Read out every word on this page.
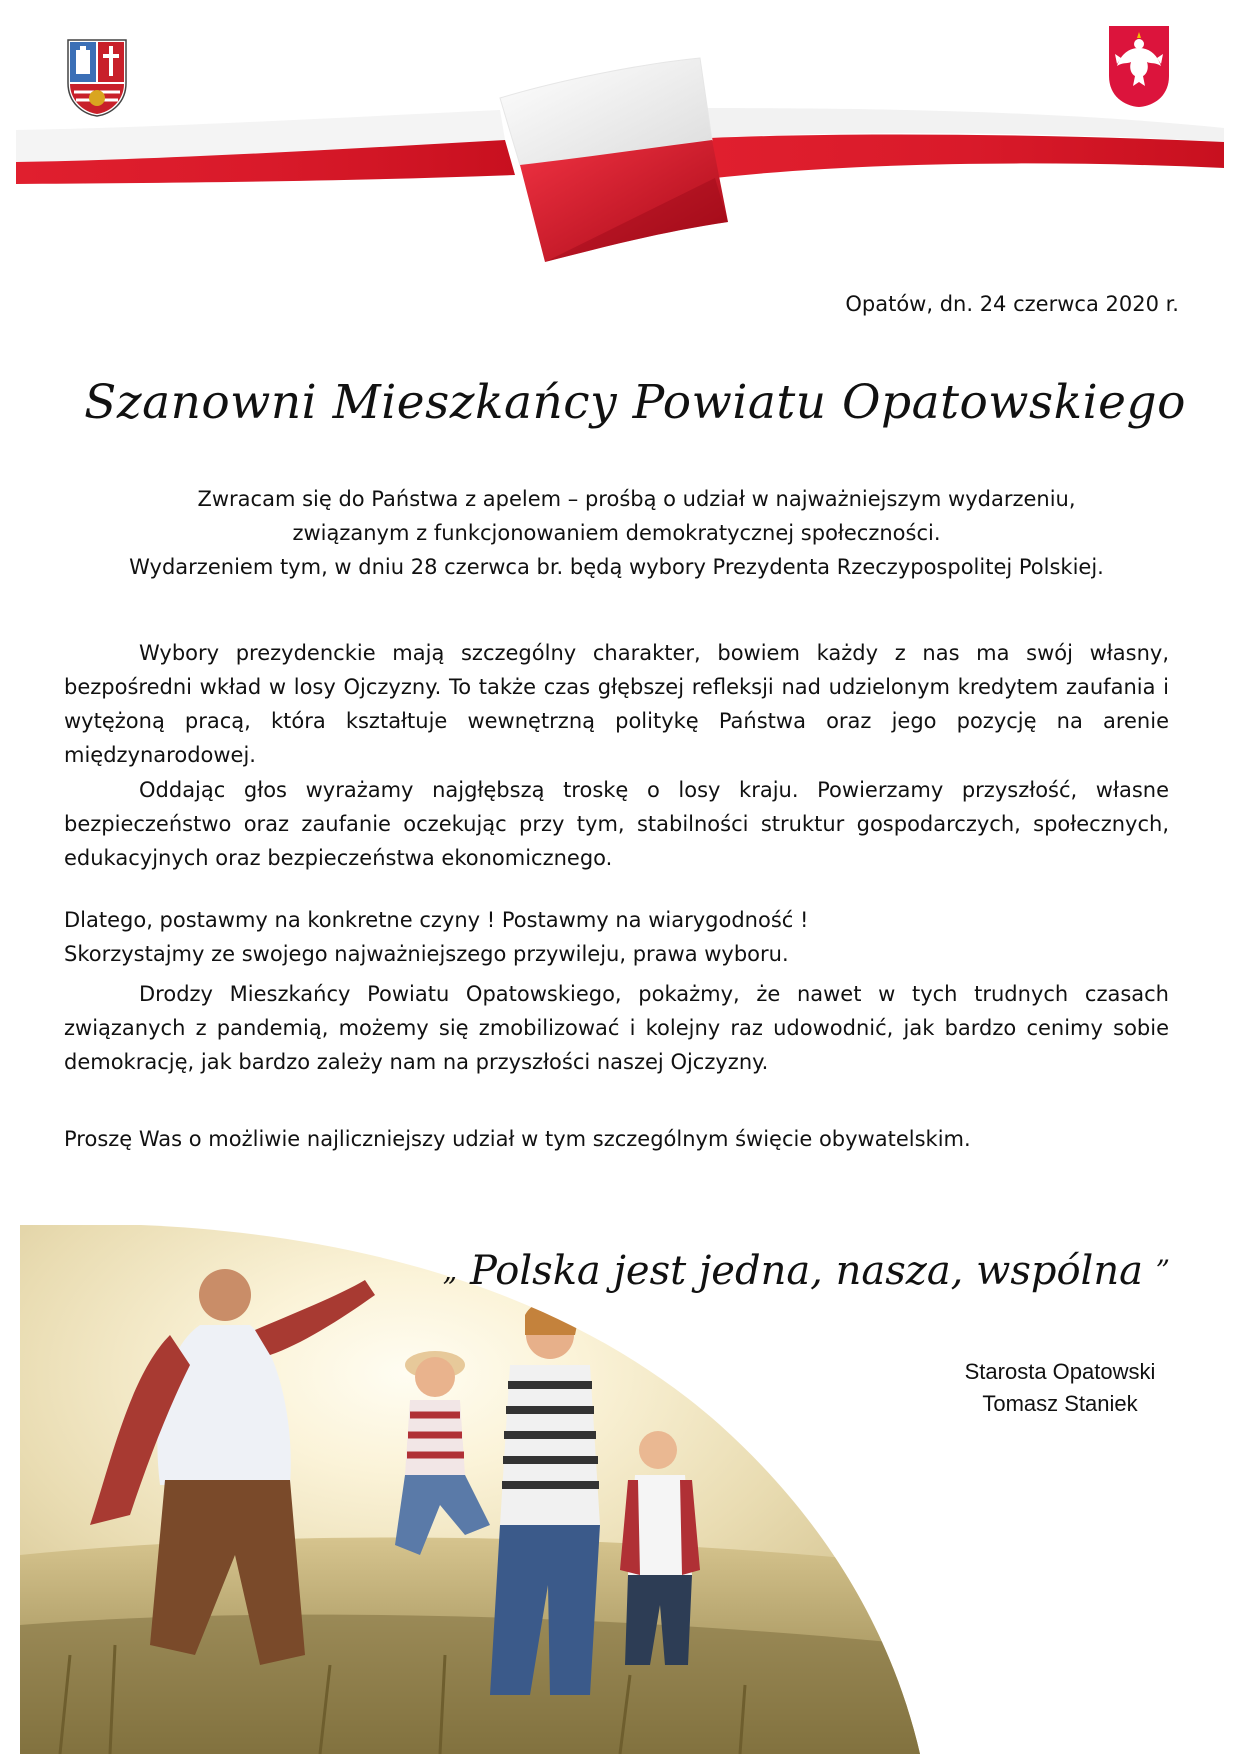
Opatów, dn. 24 czerwca 2020 r.
Szanowni Mieszkańcy Powiatu Opatowskiego
Zwracam się do Państwa z apelem – prośbą o udział w najważniejszym wydarzeniu,
związanym z funkcjonowaniem demokratycznej społeczności.
Wydarzeniem tym, w dniu 28 czerwca br. będą wybory Prezydenta Rzeczypospolitej Polskiej.
Wybory prezydenckie mają szczególny charakter, bowiem każdy z nas ma swój własny, bezpośredni wkład w losy Ojczyzny. To także czas głębszej refleksji nad udzielonym kredytem zaufania i wytężoną pracą, która kształtuje wewnętrzną politykę Państwa oraz jego pozycję na arenie międzynarodowej.
Oddając głos wyrażamy najgłębszą troskę o losy kraju. Powierzamy przyszłość, własne bezpieczeństwo oraz zaufanie oczekując przy tym, stabilności struktur gospodarczych, społecznych, edukacyjnych oraz bezpieczeństwa ekonomicznego.
Dlatego, postawmy na konkretne czyny ! Postawmy na wiarygodność !
Skorzystajmy ze swojego najważniejszego przywileju, prawa wyboru.
Drodzy Mieszkańcy Powiatu Opatowskiego, pokażmy, że nawet w tych trudnych czasach związanych z pandemią, możemy się zmobilizować i kolejny raz udowodnić, jak bardzo cenimy sobie demokrację, jak bardzo zależy nam na przyszłości naszej Ojczyzny.
Proszę Was o możliwie najliczniejszy udział w tym szczególnym święcie obywatelskim.
„ Polska jest jedna, nasza, wspólna ”
Starosta Opatowski
Tomasz Staniek
